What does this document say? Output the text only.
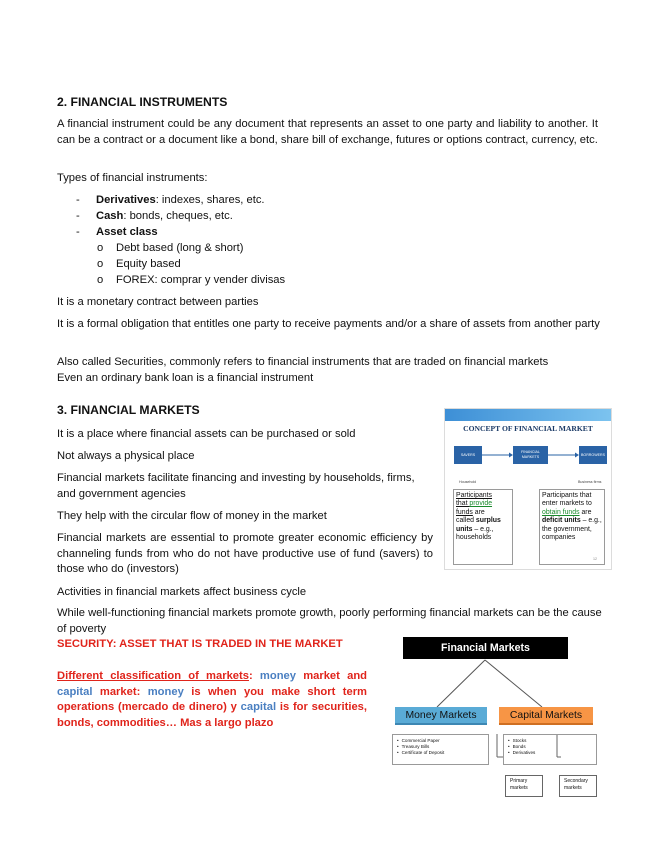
2. FINANCIAL INSTRUMENTS
A financial instrument could be any document that represents an asset to one party and liability to another. It can be a contract or a document like a bond, share bill of exchange, futures or options contract, currency, etc.
Types of financial instruments:
- Derivatives: indexes, shares, etc.
- Cash: bonds, cheques, etc.
- Asset class
o Debt based (long & short)
o Equity based
o FOREX: comprar y vender divisas
It is a monetary contract between parties
It is a formal obligation that entitles one party to receive payments and/or a share of assets from another party
Also called Securities, commonly refers to financial instruments that are traded on financial markets
Even an ordinary bank loan is a financial instrument
3. FINANCIAL MARKETS
It is a place where financial assets can be purchased or sold
Not always a physical place
Financial markets facilitate financing and investing by households, firms, and government agencies
They help with the circular flow of money in the market
Financial markets are essential to promote greater economic efficiency by channeling funds from who do not have productive use of fund (savers) to those who do (investors)
Activities in financial markets affect business cycle
While well-functioning financial markets promote growth, poorly performing financial markets can be the cause of poverty
SECURITY: ASSET THAT IS TRADED IN THE MARKET
Different classification of markets: money market and capital market: money is when you make short term operations (mercado de dinero) y capital is for securities, bonds, commodities… Mas a largo plazo
CONCEPT OF FINANCIAL MARKET
SAVERS
FINANCIAL MARKETS	BORROWERS
Household	Business firms
Participants
that provide
funds are
called surplus
units – e.g.,
households
Participants that
enter markets to
obtain funds are
deficit units – e.g.,
the government,
companies
12
Financial Markets
Money Markets	Capital Markets
• Commercial Paper
• Treasury Bills
• Certificate of Deposit
• Stocks
• Bonds
• Derivatives
Primary markets
Secondary markets
